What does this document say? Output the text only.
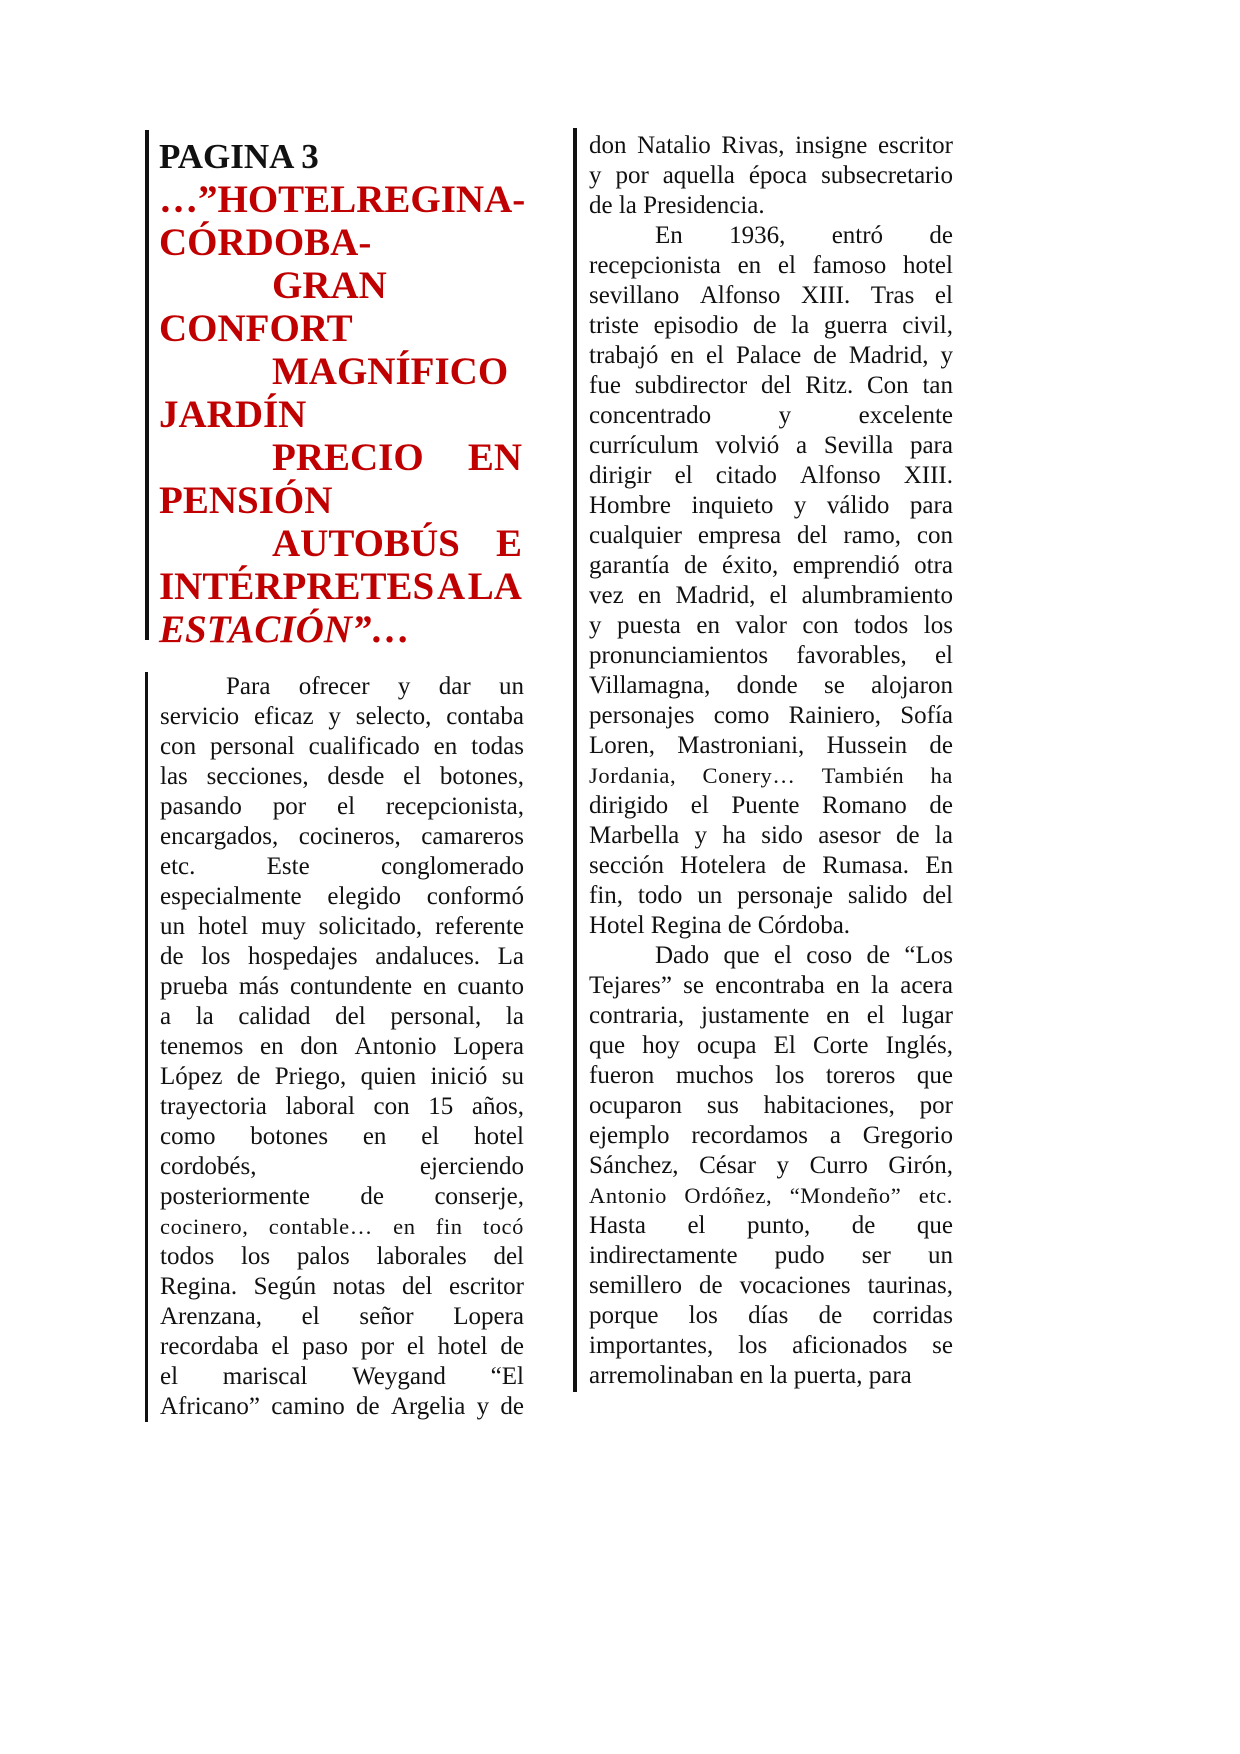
PAGINA 3
…”HOTEL REGINA-
CÓRDOBA-
GRAN
CONFORT
MAGNÍFICO
JARDÍN
PRECIO EN
PENSIÓN
AUTOBÚS E
INTÉRPRETES A LA
ESTACIÓN”…
Para ofrecer y dar un
servicio eficaz y selecto, contaba
con personal cualificado en todas
las secciones, desde el botones,
pasando por el recepcionista,
encargados, cocineros, camareros
etc.	Este	conglomerado
especialmente elegido conformó
un hotel muy solicitado, referente
de los hospedajes andaluces. La
prueba más contundente en cuanto
a la calidad del personal, la
tenemos en don Antonio Lopera
López de Priego, quien inició su
trayectoria laboral con 15 años,
como botones en el hotel
cordobés,	ejerciendo
posteriormente de conserje,
cocinero, contable… en fin tocó
todos los palos laborales del
Regina. Según notas del escritor
Arenzana, el señor Lopera
recordaba el paso por el hotel de
el mariscal Weygand “El
Africano” camino de Argelia y de
don Natalio Rivas, insigne escritor
y por aquella época subsecretario
de la Presidencia.
En 1936, entró de
recepcionista en el famoso hotel
sevillano Alfonso XIII. Tras el
triste episodio de la guerra civil,
trabajó en el Palace de Madrid, y
fue subdirector del Ritz. Con tan
concentrado	y	excelente
currículum volvió a Sevilla para
dirigir el citado Alfonso XIII.
Hombre inquieto y válido para
cualquier empresa del ramo, con
garantía de éxito, emprendió otra
vez en Madrid, el alumbramiento
y puesta en valor con todos los
pronunciamientos favorables, el
Villamagna, donde se alojaron
personajes como Rainiero, Sofía
Loren, Mastroniani, Hussein de
Jordania, Conery… También ha
dirigido el Puente Romano de
Marbella y ha sido asesor de la
sección Hotelera de Rumasa. En
fin, todo un personaje salido del
Hotel Regina de Córdoba.
Dado que el coso de “Los
Tejares” se encontraba en la acera
contraria, justamente en el lugar
que hoy ocupa El Corte Inglés,
fueron muchos los toreros que
ocuparon sus habitaciones, por
ejemplo recordamos a Gregorio
Sánchez, César y Curro Girón,
Antonio Ordóñez, “Mondeño” etc.
Hasta el punto, de que
indirectamente pudo ser un
semillero de vocaciones taurinas,
porque los días de corridas
importantes, los aficionados se
arremolinaban en la puerta, para
